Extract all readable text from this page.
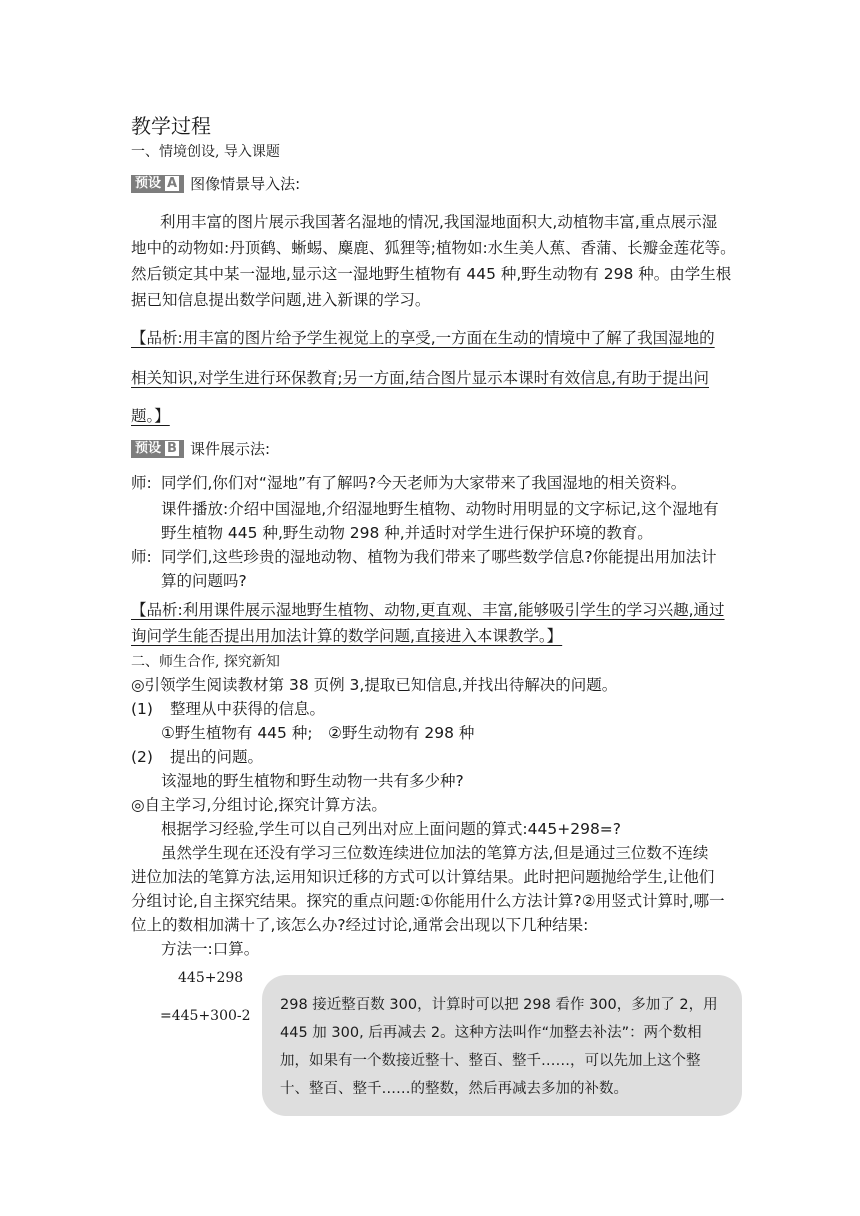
教学过程
一、情境创设, 导入课题
预设 A 图像情景导入法:
利用丰富的图片展示我国著名湿地的情况,我国湿地面积大,动植物丰富,重点展示湿
地中的动物如:丹顶鹤、蜥蜴、麋鹿、狐狸等;植物如:水生美人蕉、香蒲、长瓣金莲花等。
然后锁定其中某一湿地,显示这一湿地野生植物有 445 种,野生动物有 298 种。由学生根
据已知信息提出数学问题,进入新课的学习。
【品析:用丰富的图片给予学生视觉上的享受,一方面在生动的情境中了解了我国湿地的
相关知识,对学生进行环保教育;另一方面,结合图片显示本课时有效信息,有助于提出问
题。】
预设 B 课件展示法:
师: 同学们,你们对“湿地”有了解吗?今天老师为大家带来了我国湿地的相关资料。
课件播放:介绍中国湿地,介绍湿地野生植物、动物时用明显的文字标记,这个湿地有
野生植物 445 种,野生动物 298 种,并适时对学生进行保护环境的教育。
师: 同学们,这些珍贵的湿地动物、植物为我们带来了哪些数学信息?你能提出用加法计
算的问题吗?
【品析:利用课件展示湿地野生植物、动物,更直观、丰富,能够吸引学生的学习兴趣,通过
询问学生能否提出用加法计算的数学问题,直接进入本课教学。】
二、师生合作, 探究新知
◎引领学生阅读教材第 38 页例 3,提取已知信息,并找出待解决的问题。
(1) 整理从中获得的信息。
①野生植物有 445 种;　②野生动物有 298 种
(2) 提出的问题。
该湿地的野生植物和野生动物一共有多少种?
◎自主学习,分组讨论,探究计算方法。
根据学习经验,学生可以自己列出对应上面问题的算式:445+298=?
虽然学生现在还没有学习三位数连续进位加法的笔算方法,但是通过三位数不连续
进位加法的笔算方法,运用知识迁移的方式可以计算结果。此时把问题抛给学生,让他们
分组讨论,自主探究结果。探究的重点问题:①你能用什么方法计算?②用竖式计算时,哪一
位上的数相加满十了,该怎么办?经过讨论,通常会出现以下几种结果:
方法一:口算。
445+298
=445+300-2
298 接近整百数 300，计算时可以把 298 看作 300，多加了 2，用 445 加 300, 后再减去 2。这种方法叫作“加整去补法”：两个数相加，如果有一个数接近整十、整百、整千……，可以先加上这个整十、整百、整千……的整数，然后再减去多加的补数。
